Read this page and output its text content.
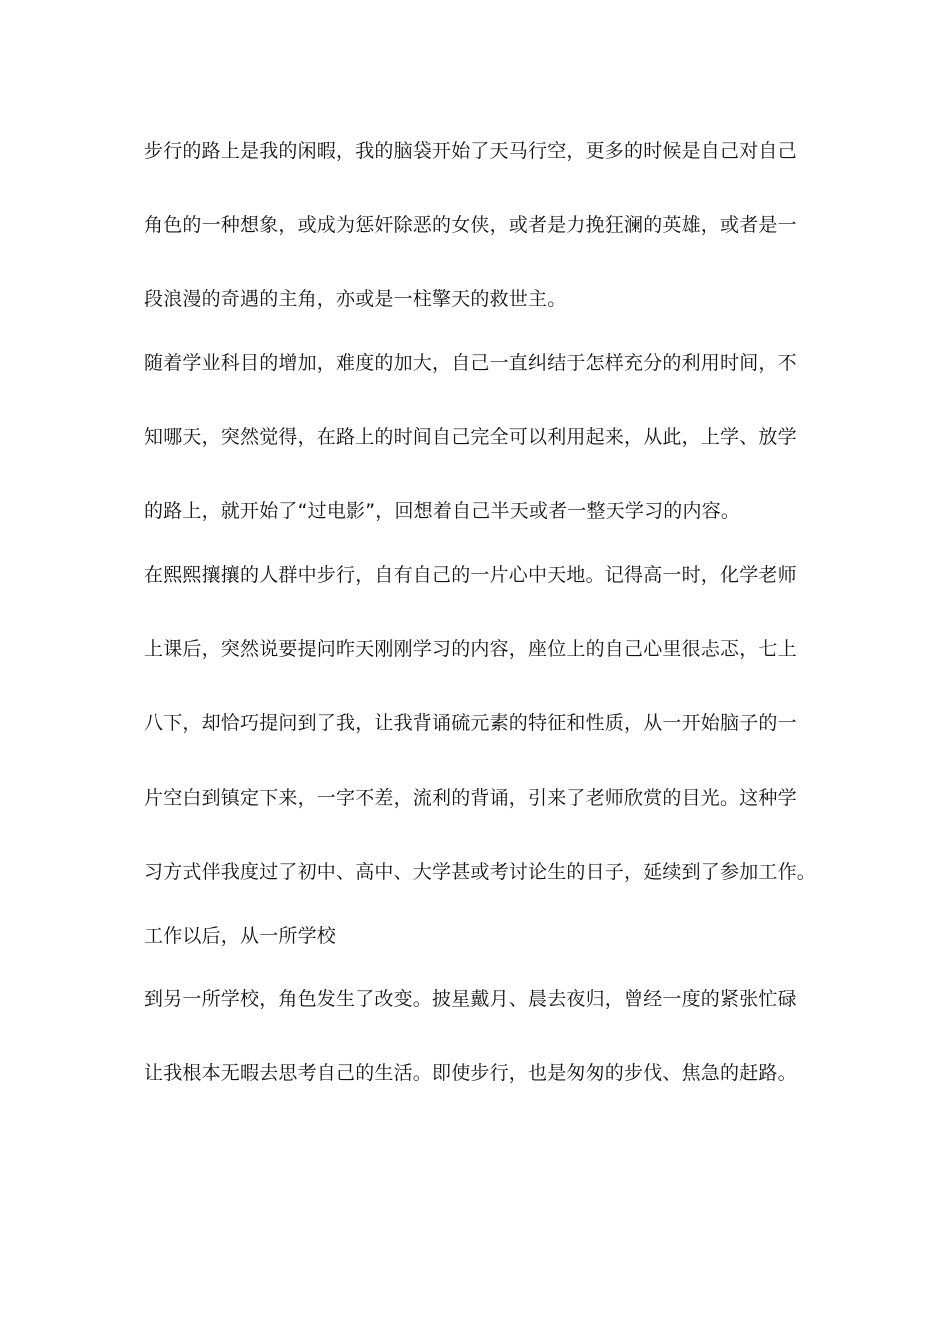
步行的路上是我的闲暇，我的脑袋开始了天马行空，更多的时候是自己对自己
角色的一种想象，或成为惩奸除恶的女侠，或者是力挽狂澜的英雄，或者是一
段浪漫的奇遇的主角，亦或是一柱擎天的救世主。
随着学业科目的增加，难度的加大，自己一直纠结于怎样充分的利用时间，不
知哪天，突然觉得，在路上的时间自己完全可以利用起来，从此，上学、放学
的路上，就开始了“过电影”，回想着自己半天或者一整天学习的内容。
在熙熙攘攘的人群中步行，自有自己的一片心中天地。记得高一时，化学老师
上课后，突然说要提问昨天刚刚学习的内容，座位上的自己心里很忐忑，七上
八下，却恰巧提问到了我，让我背诵硫元素的特征和性质，从一开始脑子的一
片空白到镇定下来，一字不差，流利的背诵，引来了老师欣赏的目光。这种学
习方式伴我度过了初中、高中、大学甚或考讨论生的日子，延续到了参加工作。
工作以后，从一所学校
到另一所学校，角色发生了改变。披星戴月、晨去夜归，曾经一度的紧张忙碌
让我根本无暇去思考自己的生活。即使步行，也是匆匆的步伐、焦急的赶路。
